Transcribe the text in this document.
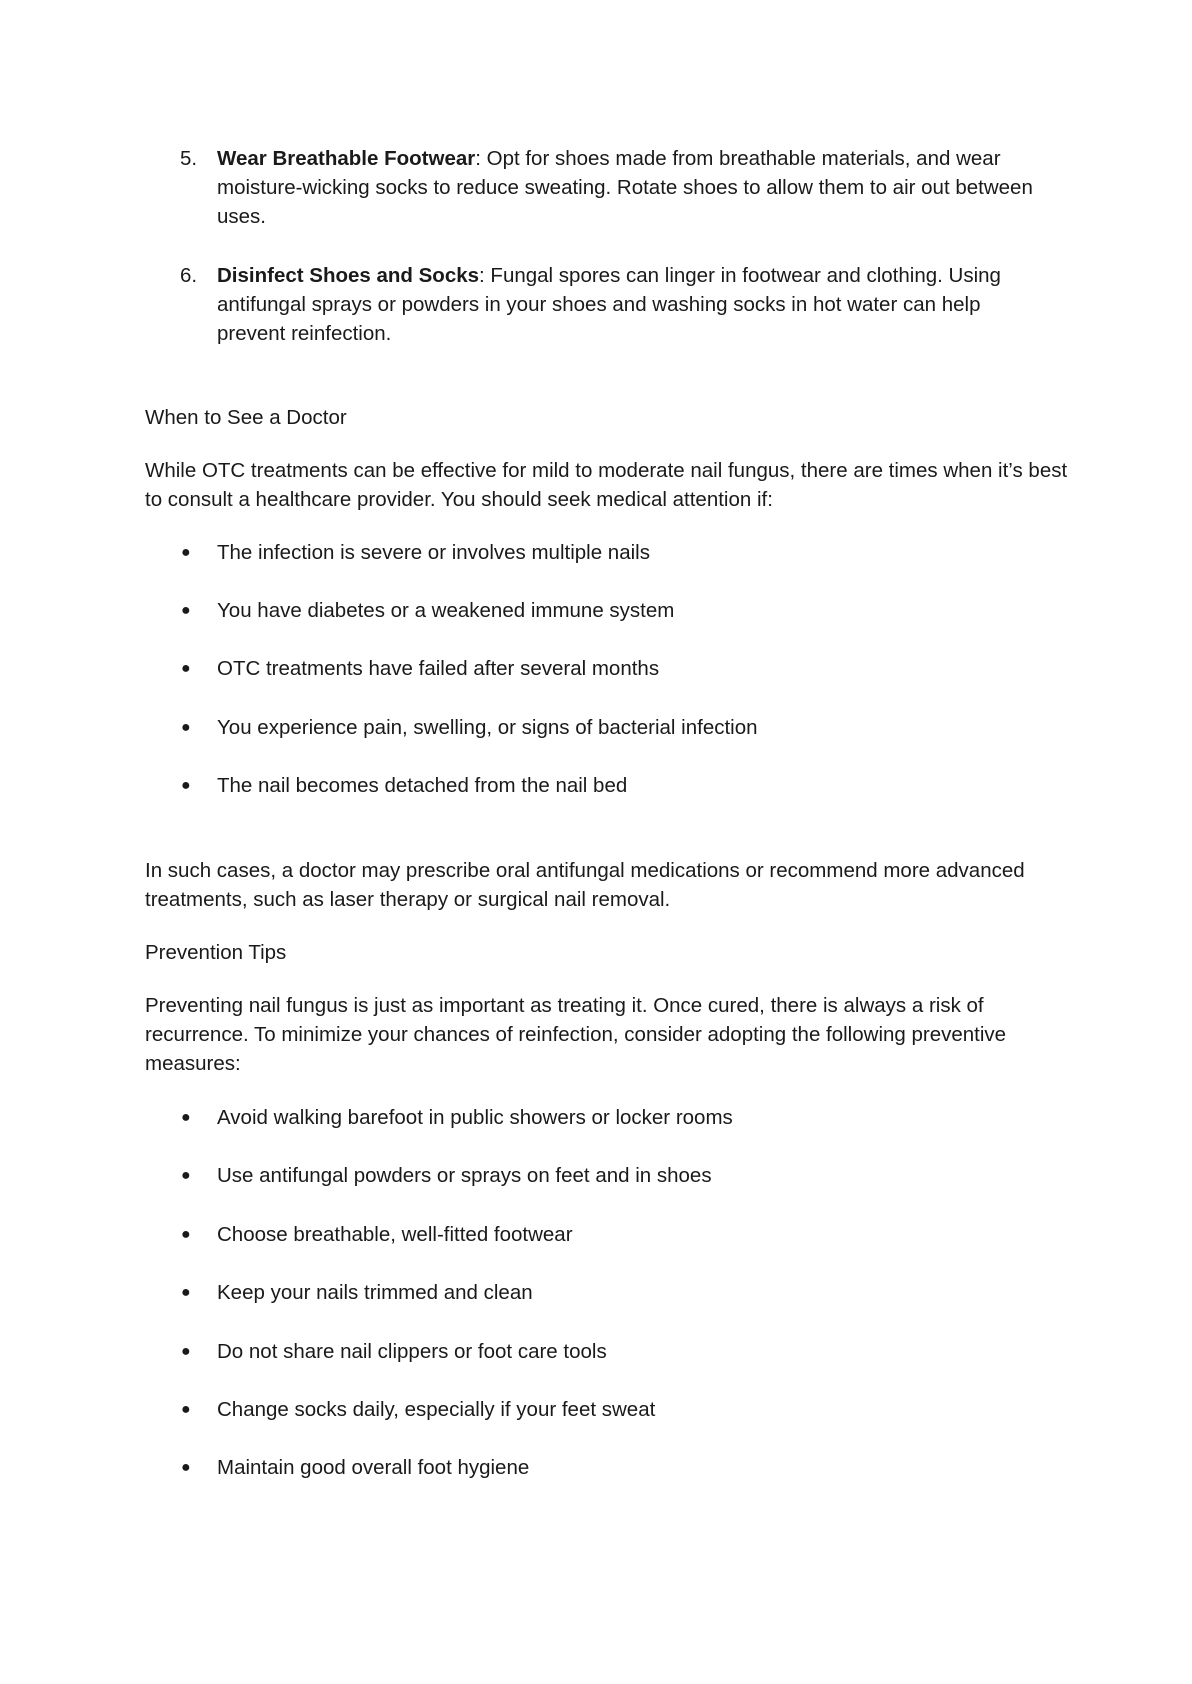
5. Wear Breathable Footwear: Opt for shoes made from breathable materials, and wear moisture-wicking socks to reduce sweating. Rotate shoes to allow them to air out between uses.
6. Disinfect Shoes and Socks: Fungal spores can linger in footwear and clothing. Using antifungal sprays or powders in your shoes and washing socks in hot water can help prevent reinfection.
When to See a Doctor
While OTC treatments can be effective for mild to moderate nail fungus, there are times when it’s best to consult a healthcare provider. You should seek medical attention if:
● The infection is severe or involves multiple nails
● You have diabetes or a weakened immune system
● OTC treatments have failed after several months
● You experience pain, swelling, or signs of bacterial infection
● The nail becomes detached from the nail bed
In such cases, a doctor may prescribe oral antifungal medications or recommend more advanced treatments, such as laser therapy or surgical nail removal.
Prevention Tips
Preventing nail fungus is just as important as treating it. Once cured, there is always a risk of recurrence. To minimize your chances of reinfection, consider adopting the following preventive measures:
● Avoid walking barefoot in public showers or locker rooms
● Use antifungal powders or sprays on feet and in shoes
● Choose breathable, well-fitted footwear
● Keep your nails trimmed and clean
● Do not share nail clippers or foot care tools
● Change socks daily, especially if your feet sweat
● Maintain good overall foot hygiene
